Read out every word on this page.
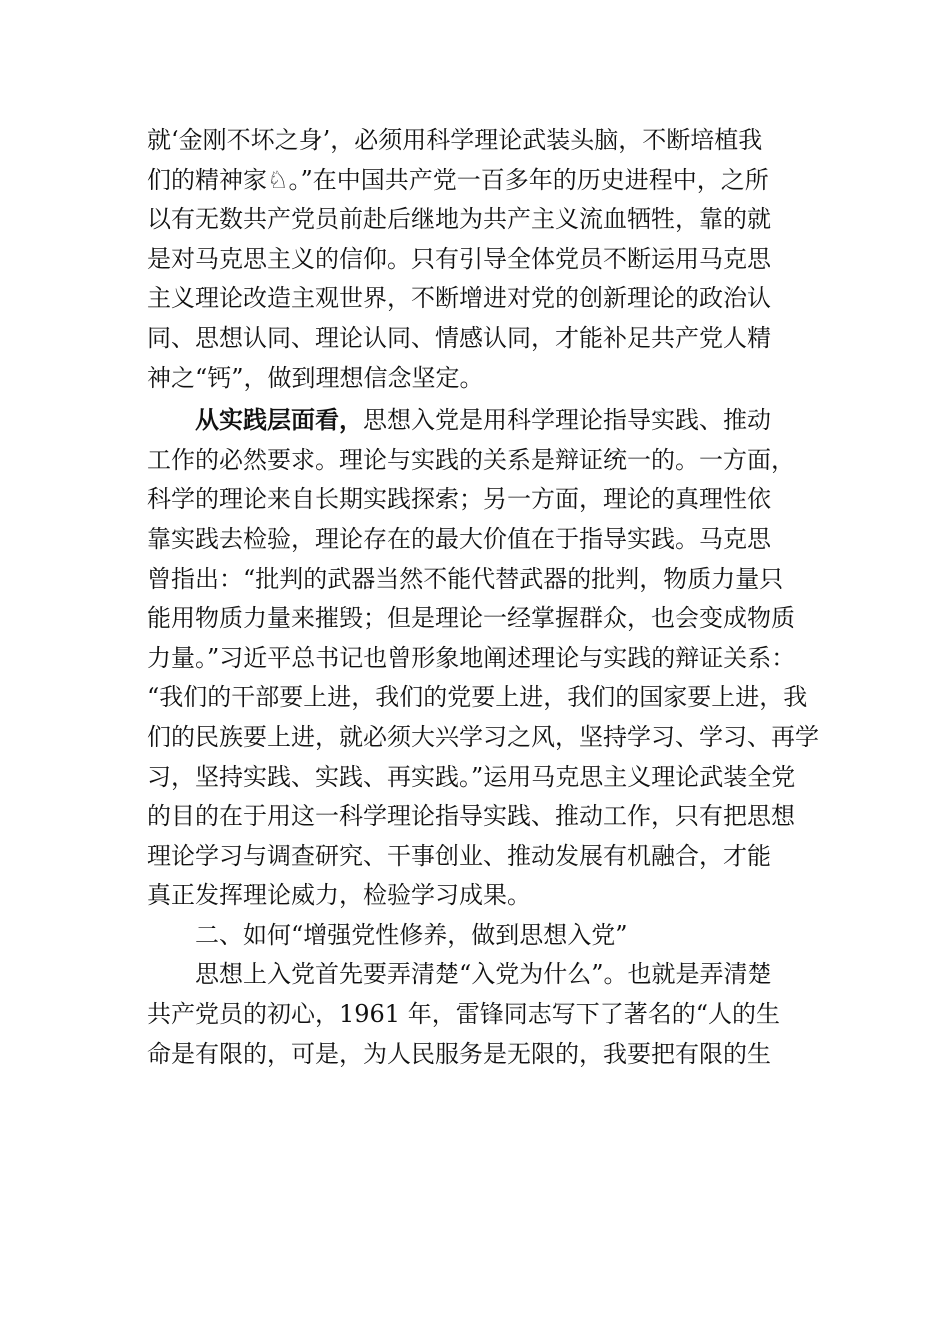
就‘金刚不坏之身’，必须用科学理论武装头脑，不断培植我
们的精神家♘。”在中国共产党一百多年的历史进程中，之所
以有无数共产党员前赴后继地为共产主义流血牺牲，靠的就
是对马克思主义的信仰。只有引导全体党员不断运用马克思
主义理论改造主观世界，不断增进对党的创新理论的政治认
同、思想认同、理论认同、情感认同，才能补足共产党人精
神之“钙”，做到理想信念坚定。
从实践层面看，思想入党是用科学理论指导实践、推动
工作的必然要求。理论与实践的关系是辩证统一的。一方面，
科学的理论来自长期实践探索；另一方面，理论的真理性依
靠实践去检验，理论存在的最大价值在于指导实践。马克思
曾指出：“批判的武器当然不能代替武器的批判，物质力量只
能用物质力量来摧毁；但是理论一经掌握群众，也会变成物质
力量。”习近平总书记也曾形象地阐述理论与实践的辩证关系：
“我们的干部要上进，我们的党要上进，我们的国家要上进，我
们的民族要上进，就必须大兴学习之风，坚持学习、学习、再学
习，坚持实践、实践、再实践。”运用马克思主义理论武装全党
的目的在于用这一科学理论指导实践、推动工作，只有把思想
理论学习与调查研究、干事创业、推动发展有机融合，才能
真正发挥理论威力，检验学习成果。
二、如何“增强党性修养，做到思想入党”
思想上入党首先要弄清楚“入党为什么”。也就是弄清楚
共产党员的初心，1961 年，雷锋同志写下了著名的“人的生
命是有限的，可是，为人民服务是无限的，我要把有限的生
